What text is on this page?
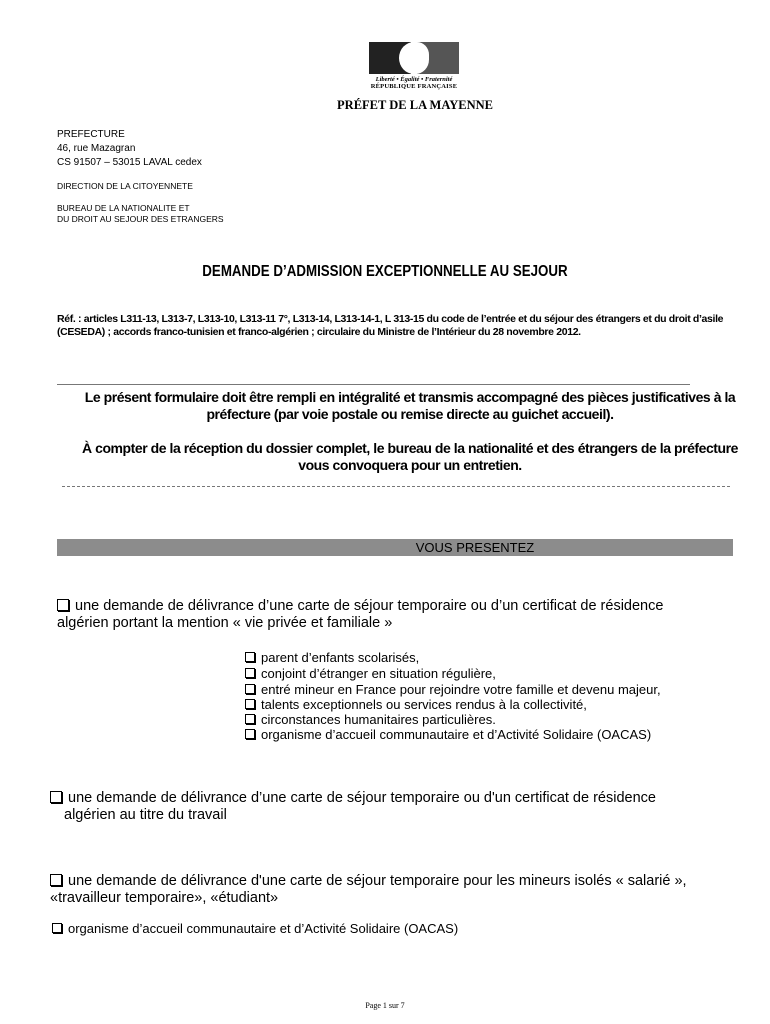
Liberté • Égalité • Fraternité
RÉPUBLIQUE FRANÇAISE
PRÉFET DE LA MAYENNE
PREFECTURE
46, rue Mazagran
CS 91507 – 53015 LAVAL cedex
DIRECTION DE LA CITOYENNETE
BUREAU DE LA NATIONALITE ET
DU DROIT AU SEJOUR DES ETRANGERS
DEMANDE D’ADMISSION EXCEPTIONNELLE AU SEJOUR
Réf. : articles L311-13, L313-7, L313-10, L313-11 7°, L313-14, L313-14-1, L 313-15 du code de l’entrée et du séjour des étrangers et du droit d’asile
(CESEDA) ; accords franco-tunisien et franco-algérien ; circulaire du Ministre de l’Intérieur du 28 novembre 2012.
Le présent formulaire doit être rempli en intégralité et transmis accompagné des pièces justificatives à la
préfecture (par voie postale ou remise directe au guichet accueil).
À compter de la réception du dossier complet, le bureau de la nationalité et des étrangers de la préfecture
vous convoquera pour un entretien.
VOUS PRESENTEZ
une demande de délivrance d’une carte de séjour temporaire ou d’un certificat de résidence
algérien portant la mention « vie privée et familiale »
parent d’enfants scolarisés,
conjoint d’étranger en situation régulière,
entré mineur en France pour rejoindre votre famille et devenu majeur,
talents exceptionnels ou services rendus à la collectivité,
circonstances humanitaires particulières.
organisme d’accueil communautaire et d’Activité Solidaire (OACAS)
une demande de délivrance d’une carte de séjour temporaire ou d'un certificat de résidence
algérien au titre du travail
une demande de délivrance d'une carte de séjour temporaire pour les mineurs isolés « salarié »,
«travailleur temporaire», «étudiant»
organisme d’accueil communautaire et d’Activité Solidaire (OACAS)
Page 1 sur 7
